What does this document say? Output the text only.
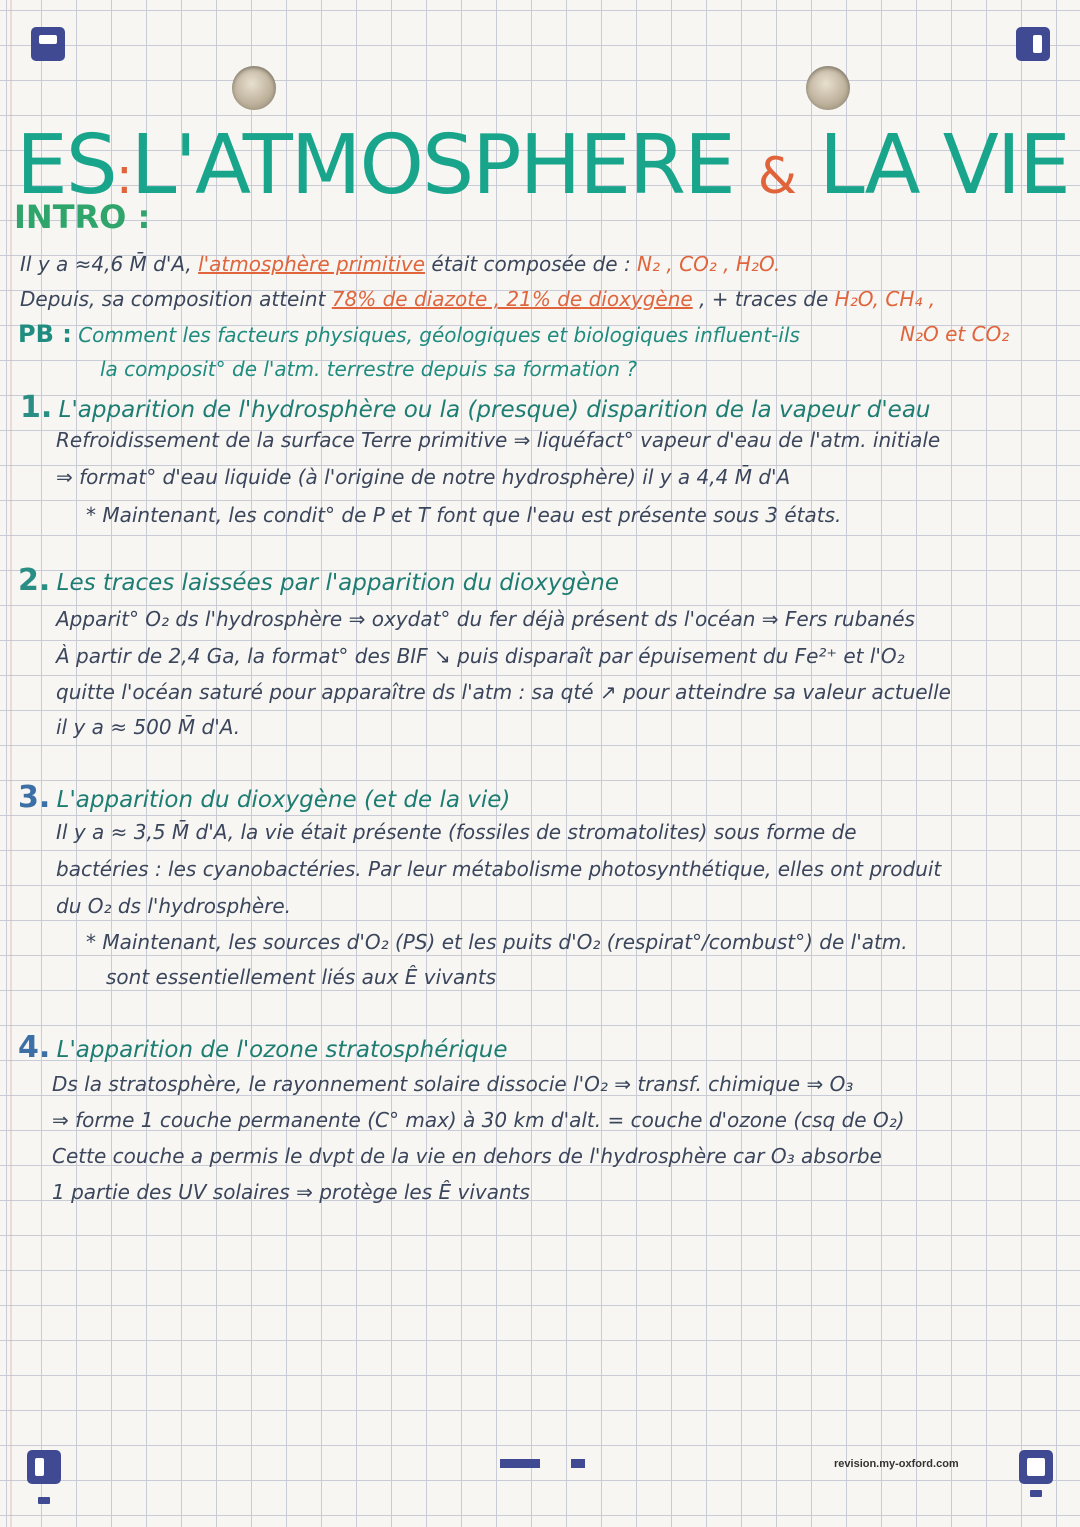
ES:L'ATMOSPHERE & LA VIE
INTRO :
Il y a ≈4,6 M̄ d'A, l'atmosphère primitive était composée de : N₂ , CO₂ , H₂O.
Depuis, sa composition atteint 78% de diazote , 21% de dioxygène , + traces de H₂O, CH₄ ,
N₂O et CO₂
PB : Comment les facteurs physiques, géologiques et biologiques influent-ils
la composit° de l'atm. terrestre depuis sa formation ?
1. L'apparition de l'hydrosphère ou la (presque) disparition de la vapeur d'eau
Refroidissement de la surface Terre primitive ⇒ liquéfact° vapeur d'eau de l'atm. initiale
⇒ format° d'eau liquide (à l'origine de notre hydrosphère) il y a 4,4 M̄ d'A
* Maintenant, les condit° de P et T font que l'eau est présente sous 3 états.
2. Les traces laissées par l'apparition du dioxygène
Apparit° O₂ ds l'hydrosphère ⇒ oxydat° du fer déjà présent ds l'océan ⇒ Fers rubanés
À partir de 2,4 Ga, la format° des BIF ↘ puis disparaît par épuisement du Fe²⁺ et l'O₂
quitte l'océan saturé pour apparaître ds l'atm : sa qté ↗ pour atteindre sa valeur actuelle
il y a ≈ 500 M̄ d'A.
3. L'apparition du dioxygène (et de la vie)
Il y a ≈ 3,5 M̄ d'A, la vie était présente (fossiles de stromatolites) sous forme de
bactéries : les cyanobactéries. Par leur métabolisme photosynthétique, elles ont produit
du O₂ ds l'hydrosphère.
* Maintenant, les sources d'O₂ (PS) et les puits d'O₂ (respirat°/combust°) de l'atm.
sont essentiellement liés aux Ê vivants
4. L'apparition de l'ozone stratosphérique
Ds la stratosphère, le rayonnement solaire dissocie l'O₂ ⇒ transf. chimique ⇒ O₃
⇒ forme 1 couche permanente (C° max) à 30 km d'alt. = couche d'ozone (csq de O₂)
Cette couche a permis le dvpt de la vie en dehors de l'hydrosphère car O₃ absorbe
1 partie des UV solaires ⇒ protège les Ê vivants
revision.my-oxford.com
